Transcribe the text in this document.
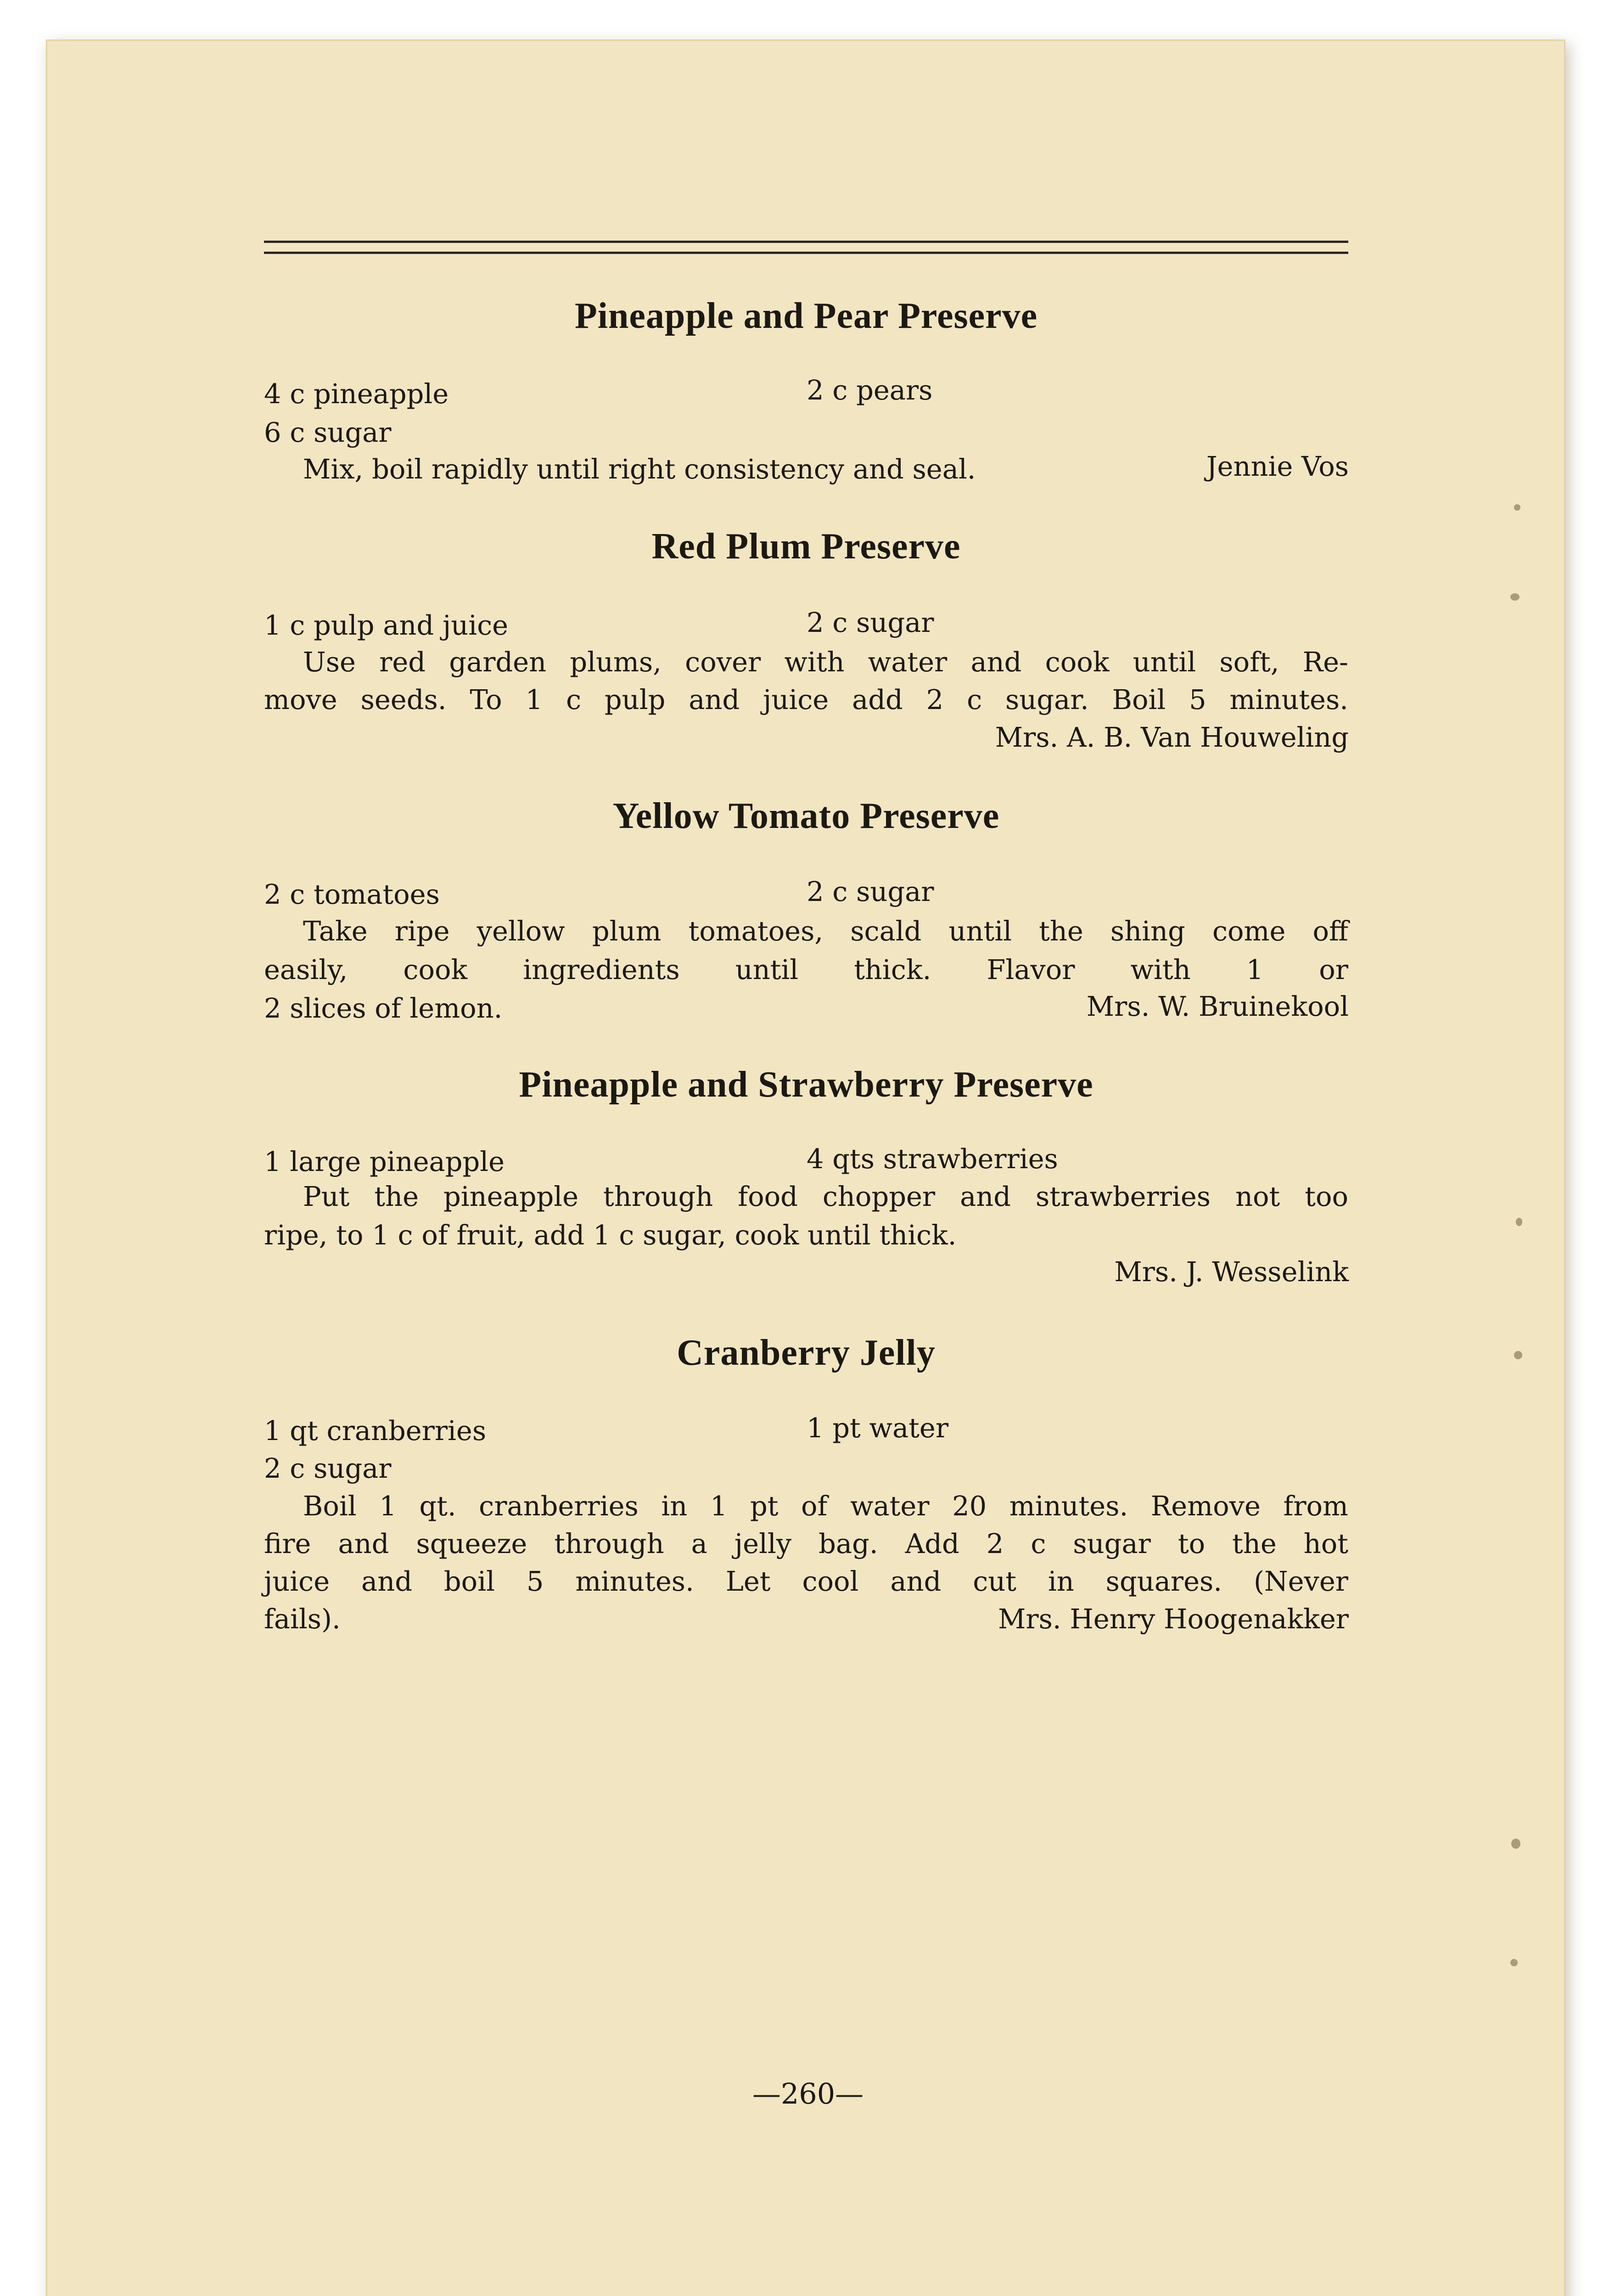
Pineapple and Pear Preserve
4 c pineapple	2 c pears
6 c sugar
Mix, boil rapidly until right consistency and seal.	Jennie Vos
Red Plum Preserve
1 c pulp and juice	2 c sugar
Use red garden plums, cover with water and cook until soft, Re-
move seeds. To 1 c pulp and juice add 2 c sugar. Boil 5 minutes.
Mrs. A. B. Van Houweling
Yellow Tomato Preserve
2 c tomatoes	2 c sugar
Take ripe yellow plum tomatoes, scald until the shing come off
easily, cook ingredients until thick. Flavor with 1 or
2 slices of lemon.	Mrs. W. Bruinekool
Pineapple and Strawberry Preserve
1 large pineapple	4 qts strawberries
Put the pineapple through food chopper and strawberries not too
ripe, to 1 c of fruit, add 1 c sugar, cook until thick.
Mrs. J. Wesselink
Cranberry Jelly
1 qt cranberries	1 pt water
2 c sugar
Boil 1 qt. cranberries in 1 pt of water 20 minutes. Remove from
fire and squeeze through a jelly bag. Add 2 c sugar to the hot
juice and boil 5 minutes. Let cool and cut in squares. (Never
fails).	Mrs. Henry Hoogenakker
—260—
